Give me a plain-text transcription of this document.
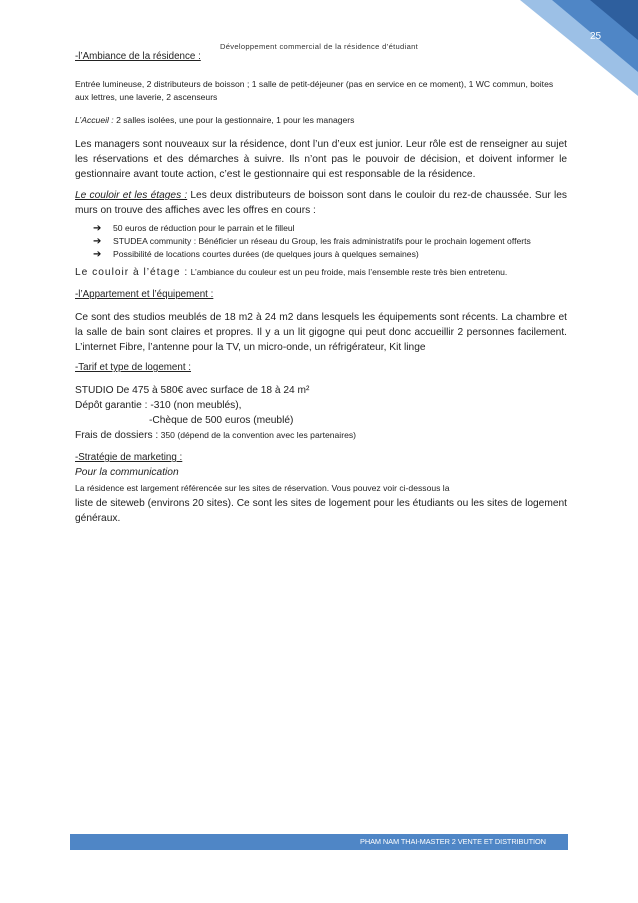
25
Développement commercial de la résidence d’étudiant

-l’Ambiance de la résidence :

Entrée lumineuse, 2 distributeurs de boisson ; 1 salle de petit-déjeuner (pas en service en ce moment), 1 WC commun, boites aux lettres, une laverie, 2 ascenseurs

L’Accueil : 2 salles isolées, une pour la gestionnaire, 1 pour les managers

Les managers sont nouveaux sur la résidence, dont l’un d’eux est junior. Leur rôle est de renseigner au sujet les réservations et des démarches à suivre. Ils n’ont pas le pouvoir de décision, et doivent informer le gestionnaire avant toute action, c’est le gestionnaire qui est responsable de la résidence.

Le couloir et les étages : Les deux distributeurs de boisson sont dans le couloir du rez-de chaussée. Sur les murs on trouve des affiches avec les offres en cours :

➔ 50 euros de réduction pour le parrain et le filleul
➔ STUDEA community : Bénéficier un réseau du Group, les frais administratifs pour le prochain logement offerts
➔ Possibilité de locations courtes durées (de quelques jours à quelques semaines)

Le couloir à l’étage : L’ambiance du couleur est un peu froide, mais l’ensemble reste très bien entretenu.

-l’Appartement et l’équipement :

Ce sont des studios meublés de 18 m2 à 24 m2 dans lesquels les équipements sont récents. La chambre et la salle de bain sont claires et propres. Il y a un lit gigogne qui peut donc accueillir 2 personnes facilement. L’internet Fibre, l’antenne pour la TV, un micro-onde, un réfrigérateur, Kit linge

-Tarif et type de logement :

STUDIO De 475 à 580€ avec surface de 18 à 24 m²

Dépôt garantie : -310 (non meublés),

-Chèque de 500 euros (meublé)

Frais de dossiers : 350 (dépend de la convention avec les partenaires)

-Stratégie de marketing :

Pour la communication

La résidence est largement référencée sur les sites de réservation. Vous pouvez voir ci-dessous la

liste de siteweb (environs 20 sites). Ce sont les sites de logement pour les étudiants ou les sites de logement généraux.

PHAM NAM THAI-MASTER 2 VENTE ET DISTRIBUTION
